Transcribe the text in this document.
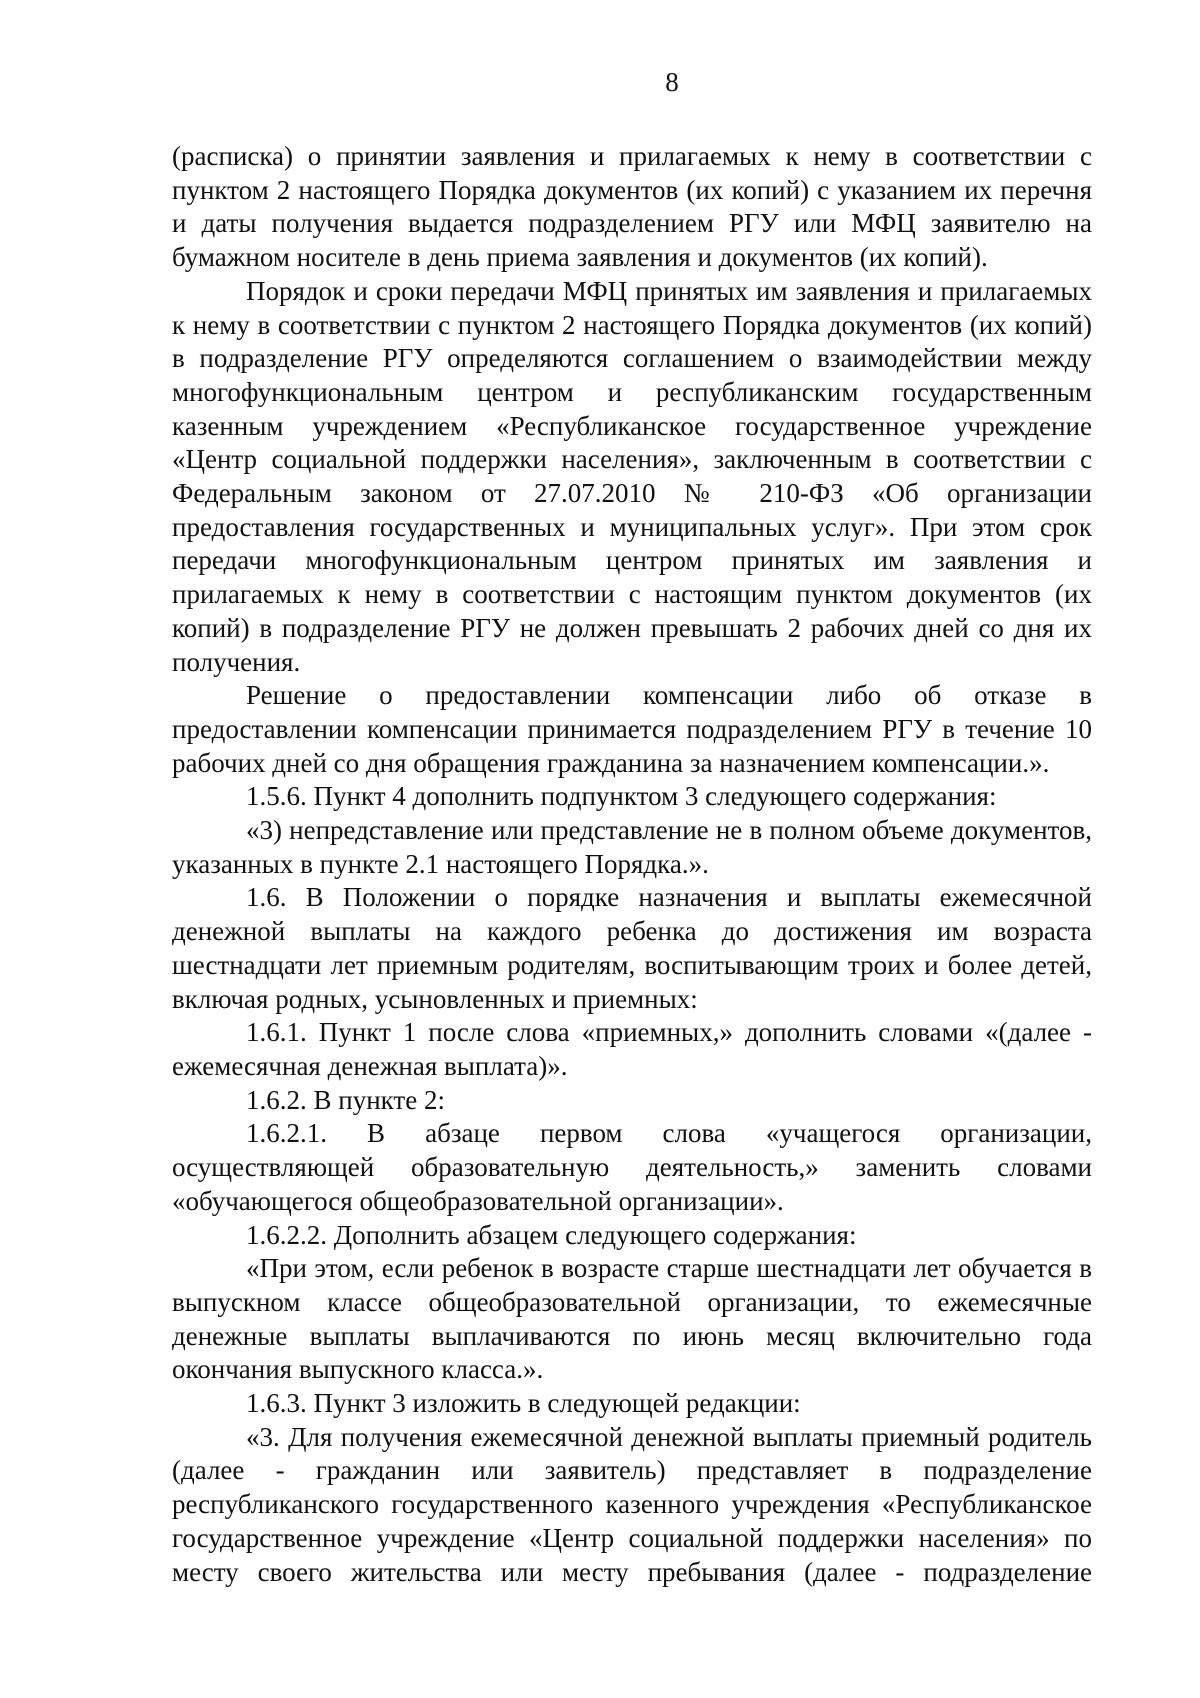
8

(расписка) о принятии заявления и прилагаемых к нему в соответствии с пунктом 2 настоящего Порядка документов (их копий) с указанием их перечня и даты получения выдается подразделением РГУ или МФЦ заявителю на бумажном носителе в день приема заявления и документов (их копий).

Порядок и сроки передачи МФЦ принятых им заявления и прилагаемых к нему в соответствии с пунктом 2 настоящего Порядка документов (их копий) в подразделение РГУ определяются соглашением о взаимодействии между многофункциональным центром и республиканским государственным казенным учреждением «Республиканское государственное учреждение «Центр социальной поддержки населения», заключенным в соответствии с Федеральным законом от 27.07.2010 № 210-ФЗ «Об организации предоставления государственных и муниципальных услуг». При этом срок передачи многофункциональным центром принятых им заявления и прилагаемых к нему в соответствии с настоящим пунктом документов (их копий) в подразделение РГУ не должен превышать 2 рабочих дней со дня их получения.

Решение о предоставлении компенсации либо об отказе в предоставлении компенсации принимается подразделением РГУ в течение 10 рабочих дней со дня обращения гражданина за назначением компенсации.».

1.5.6. Пункт 4 дополнить подпунктом 3 следующего содержания:

«3) непредставление или представление не в полном объеме документов, указанных в пункте 2.1 настоящего Порядка.».

1.6. В Положении о порядке назначения и выплаты ежемесячной денежной выплаты на каждого ребенка до достижения им возраста шестнадцати лет приемным родителям, воспитывающим троих и более детей, включая родных, усыновленных и приемных:

1.6.1. Пункт 1 после слова «приемных,» дополнить словами «(далее - ежемесячная денежная выплата)».

1.6.2. В пункте 2:

1.6.2.1. В абзаце первом слова «учащегося организации, осуществляющей образовательную деятельность,» заменить словами «обучающегося общеобразовательной организации».

1.6.2.2. Дополнить абзацем следующего содержания:

«При этом, если ребенок в возрасте старше шестнадцати лет обучается в выпускном классе общеобразовательной организации, то ежемесячные денежные выплаты выплачиваются по июнь месяц включительно года окончания выпускного класса.».

1.6.3. Пункт 3 изложить в следующей редакции:

«3. Для получения ежемесячной денежной выплаты приемный родитель (далее - гражданин или заявитель) представляет в подразделение республиканского государственного казенного учреждения «Республиканское государственное учреждение «Центр социальной поддержки населения» по месту своего жительства или месту пребывания (далее - подразделение
